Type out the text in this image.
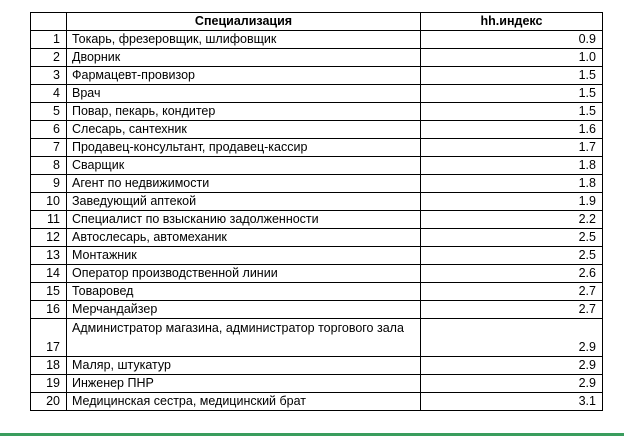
	Специализация	hh.индекс
1	Токарь, фрезеровщик, шлифовщик	0.9
2	Дворник	1.0
3	Фармацевт-провизор	1.5
4	Врач	1.5
5	Повар, пекарь, кондитер	1.5
6	Слесарь, сантехник	1.6
7	Продавец-консультант, продавец-кассир	1.7
8	Сварщик	1.8
9	Агент по недвижимости	1.8
10	Заведующий аптекой	1.9
11	Специалист по взысканию задолженности	2.2
12	Автослесарь, автомеханик	2.5
13	Монтажник	2.5
14	Оператор производственной линии	2.6
15	Товаровед	2.7
16	Мерчандайзер	2.7
17	Администратор магазина, администратор торгового зала	2.9
18	Маляр, штукатур	2.9
19	Инженер ПНР	2.9
20	Медицинская сестра, медицинский брат	3.1
